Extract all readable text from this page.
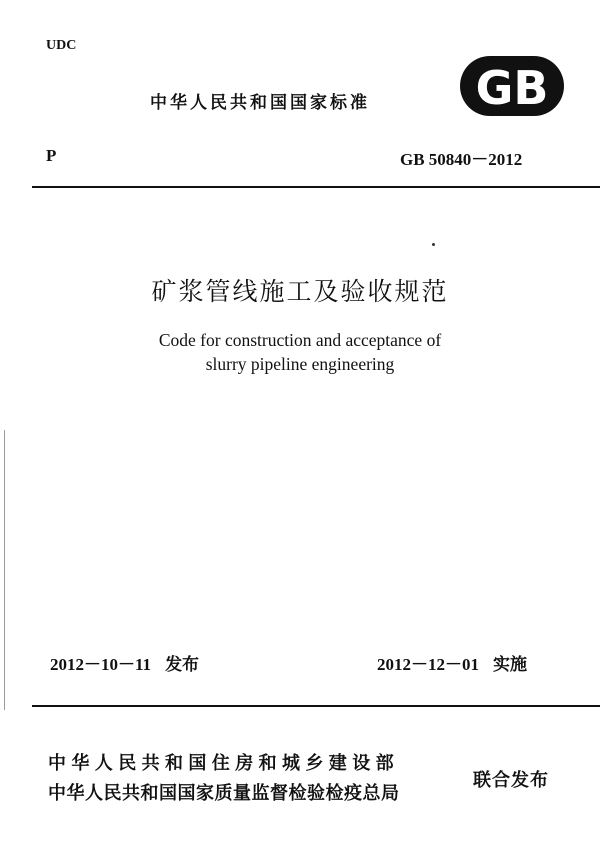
UDC
中华人民共和国国家标准 GB
P	GB 50840－2012
矿浆管线施工及验收规范
Code for construction and acceptance of
slurry pipeline engineering
2012－10－11 发布	2012－12－01 实施
中华人民共和国住房和城乡建设部
中华人民共和国国家质量监督检验检疫总局
联合发布
